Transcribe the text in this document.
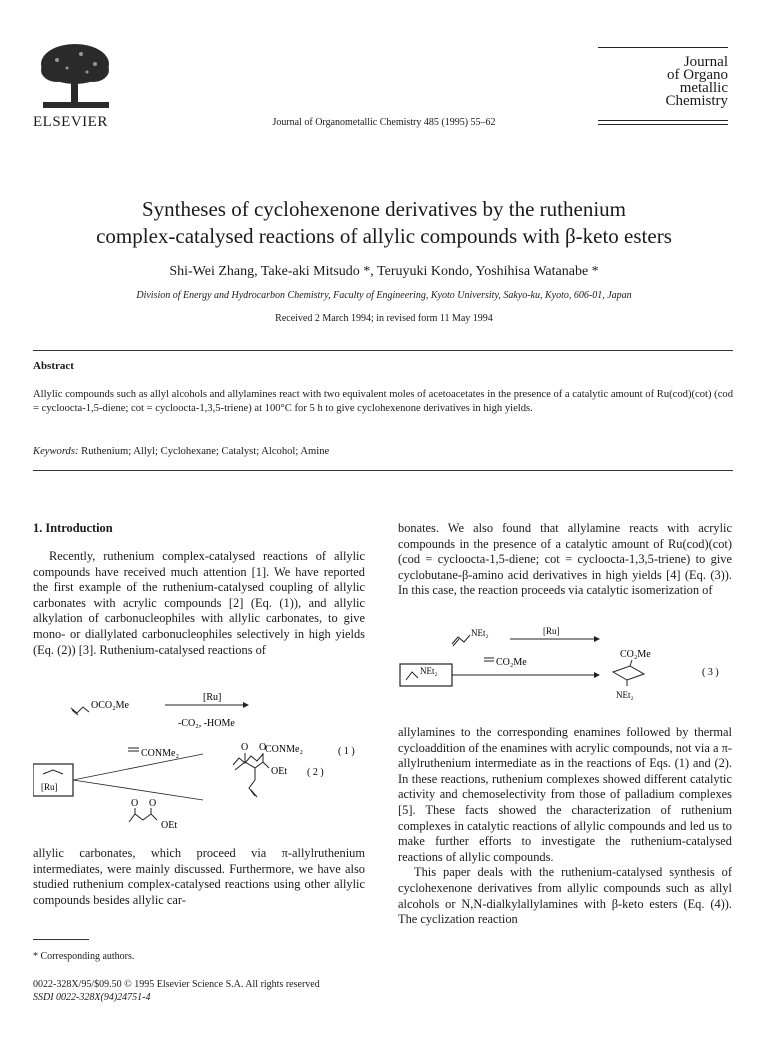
ELSEVIER	Journal of Organometallic Chemistry 485 (1995) 55–62
Journal
of Organo
metallic
Chemistry
Syntheses of cyclohexenone derivatives by the ruthenium
complex-catalysed reactions of allylic compounds with β-keto esters
Shi-Wei Zhang, Take-aki Mitsudo *, Teruyuki Kondo, Yoshihisa Watanabe *
Division of Energy and Hydrocarbon Chemistry, Faculty of Engineering, Kyoto University, Sakyo-ku, Kyoto, 606-01, Japan
Received 2 March 1994; in revised form 11 May 1994
Abstract
Allylic compounds such as allyl alcohols and allylamines react with two equivalent moles of acetoacetates in the presence of a catalytic amount of Ru(cod)(cot) (cod = cycloocta-1,5-diene; cot = cycloocta-1,3,5-triene) at 100°C for 5 h to give cyclohexenone derivatives in high yields.
Keywords: Ruthenium; Allyl; Cyclohexane; Catalyst; Alcohol; Amine
1. Introduction

Recently, ruthenium complex-catalysed reactions of allylic compounds have received much attention [1]. We have reported the first example of the ruthenium-catalysed coupling of allylic carbonates with acrylic compounds [2] (Eq. (1)), and allylic alkylation of carbonucleophiles with allylic carbonates, to give mono- or diallylated carbonucleophiles selectively in high yields (Eq. (2)) [3]. Ruthenium-catalysed reactions of

OCO₂Me
[Ru]
-CO₂, -HOMe
[Ru]
CONMe₂	CONMe₂	( 1 )
O O
OEt
O O
OEt ( 2 )

allylic carbonates, which proceed via π-allylruthenium intermediates, were mainly discussed. Furthermore, we have also studied ruthenium complex-catalysed reactions using other allylic compounds besides allylic car-

* Corresponding authors.
0022-328X/95/$09.50 © 1995 Elsevier Science S.A. All rights reserved
SSDI 0022-328X(94)24751-4

bonates. We also found that allylamine reacts with acrylic compounds in the presence of a catalytic amount of Ru(cod)(cot) (cod = cycloocta-1,5-diene; cot = cycloocta-1,3,5-triene) to give cyclobutane-β-amino acid derivatives in high yields [4] (Eq. (3)). In this case, the reaction proceeds via catalytic isomerization of

NEt₂	[Ru]
NEt₂
CO₂Me
CO₂Me
NEt₂
( 3 )

allylamines to the corresponding enamines followed by thermal cycloaddition of the enamines with acrylic compounds, not via a π-allylruthenium intermediate as in the reactions of Eqs. (1) and (2). In these reactions, ruthenium complexes showed different catalytic activity and chemoselectivity from those of palladium complexes [5]. These facts showed the characterization of ruthenium complexes in catalytic reactions of allylic compounds and led us to make further efforts to investigate the ruthenium-catalysed reactions of allylic compounds.

This paper deals with the ruthenium-catalysed synthesis of cyclohexenone derivatives from allylic compounds such as allyl alcohols or N,N-dialkylallylamines with β-keto esters (Eq. (4)). The cyclization reaction
